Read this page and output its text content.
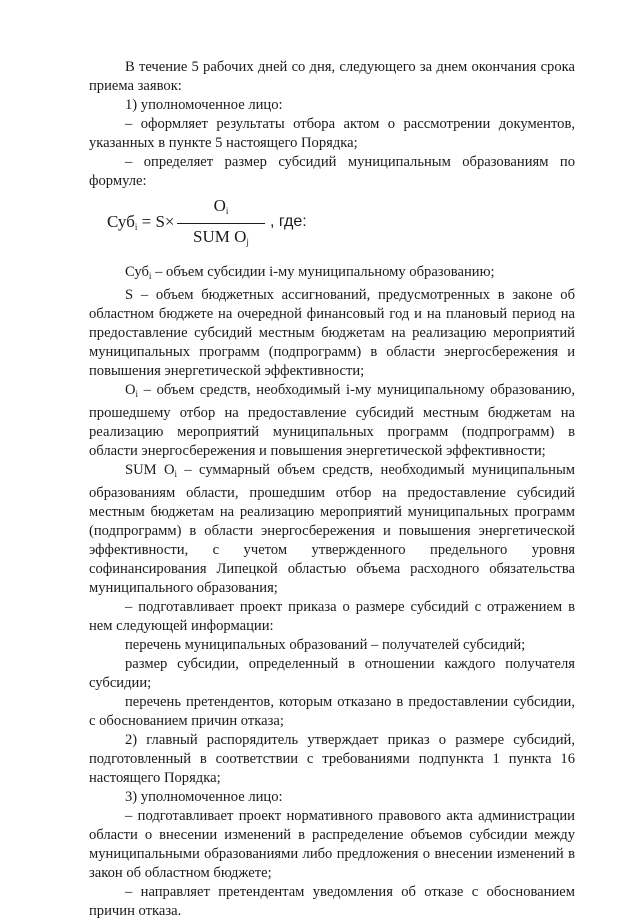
В течение 5 рабочих дней со дня, следующего за днем окончания срока приема заявок:

1) уполномоченное лицо:

– оформляет результаты отбора актом о рассмотрении документов, указанных в пункте 5 настоящего Порядка;

– определяет размер субсидий муниципальным образованиям по формуле:

Суб$_i$ = S×
$O_i$
SUM $O_j$
, где:

Суб$_i$ – объем субсидии i-му муниципальному образованию;

S – объем бюджетных ассигнований, предусмотренных в законе об областном бюджете на очередной финансовый год и на плановый период на предоставление субсидий местным бюджетам на реализацию мероприятий муниципальных программ (подпрограмм) в области энергосбережения и повышения энергетической эффективности;

$O_i$ – объем средств, необходимый i-му муниципальному образованию, прошедшему отбор на предоставление субсидий местным бюджетам на реализацию мероприятий муниципальных программ (подпрограмм) в области энергосбережения и повышения энергетической эффективности;

SUM $O_i$ – суммарный объем средств, необходимый муниципальным образованиям области, прошедшим отбор на предоставление субсидий местным бюджетам на реализацию мероприятий муниципальных программ (подпрограмм) в области энергосбережения и повышения энергетической эффективности, с учетом утвержденного предельного уровня софинансирования Липецкой областью объема расходного обязательства муниципального образования;

– подготавливает проект приказа о размере субсидий с отражением в нем следующей информации:

перечень муниципальных образований – получателей субсидий;

размер субсидии, определенный в отношении каждого получателя субсидии;

перечень претендентов, которым отказано в предоставлении субсидии, с обоснованием причин отказа;

2) главный распорядитель утверждает приказ о размере субсидий, подготовленный в соответствии с требованиями подпункта 1 пункта 16 настоящего Порядка;

3) уполномоченное лицо:

– подготавливает проект нормативного правового акта администрации области о внесении изменений в распределение объемов субсидии между муниципальными образованиями либо предложения о внесении изменений в закон об областном бюджете;

– направляет претендентам уведомления об отказе с обоснованием причин отказа.
